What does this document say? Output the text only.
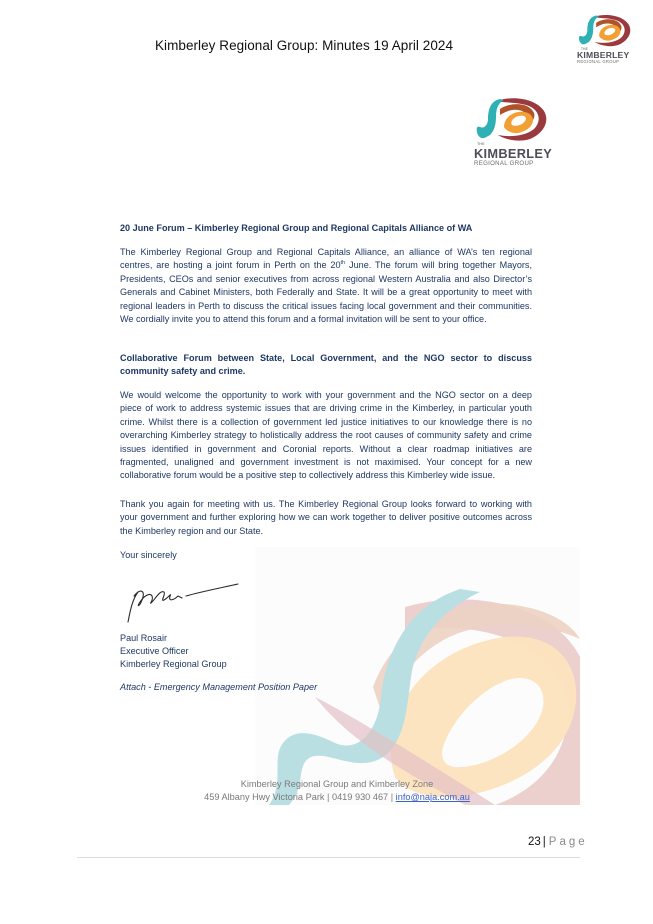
Kimberley Regional Group: Minutes 19 April 2024	THE
KIMBERLEY
REGIONAL GROUP
THE
KIMBERLEY
REGIONAL GROUP
20 June Forum – Kimberley Regional Group and Regional Capitals Alliance of WA

The Kimberley Regional Group and Regional Capitals Alliance, an alliance of WA’s ten regional centres, are hosting a joint forum in Perth on the 20th June. The forum will bring together Mayors, Presidents, CEOs and senior executives from across regional Western Australia and also Director’s Generals and Cabinet Ministers, both Federally and State. It will be a great opportunity to meet with regional leaders in Perth to discuss the critical issues facing local government and their communities. We cordially invite you to attend this forum and a formal invitation will be sent to your office.

Collaborative Forum between State, Local Government, and the NGO sector to discuss community safety and crime.

We would welcome the opportunity to work with your government and the NGO sector on a deep piece of work to address systemic issues that are driving crime in the Kimberley, in particular youth crime. Whilst there is a collection of government led justice initiatives to our knowledge there is no overarching Kimberley strategy to holistically address the root causes of community safety and crime issues identified in government and Coronial reports. Without a clear roadmap initiatives are fragmented, unaligned and government investment is not maximised. Your concept for a new collaborative forum would be a positive step to collectively address this Kimberley wide issue.

Thank you again for meeting with us. The Kimberley Regional Group looks forward to working with your government and further exploring how we can work together to deliver positive outcomes across the Kimberley region and our State.

Your sincerely
Paul Rosair
Executive Officer
Kimberley Regional Group
Attach - Emergency Management Position Paper
Kimberley Regional Group and Kimberley Zone
459 Albany Hwy Victoria Park | 0419 930 467 | info@naja.com.au
23 | Page
